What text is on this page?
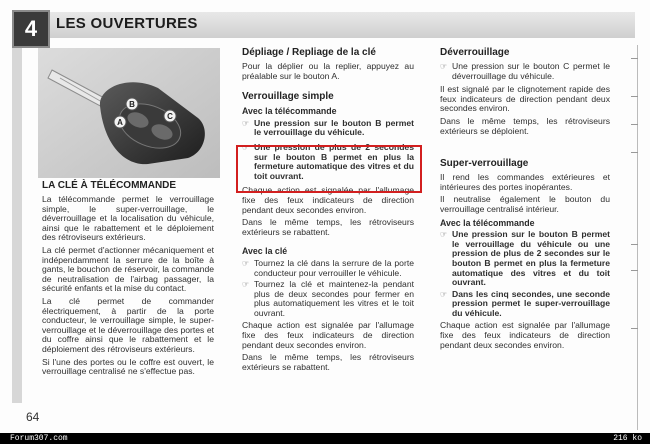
4	LES OUVERTURES
A
B
C
LA CLÉ À TÉLÉCOMMANDE

La télécommande permet le verrouillage simple, le super-verrouillage, le déverrouillage et la localisation du véhicule, ainsi que le rabattement et le déploiement des rétroviseurs extérieurs.

La clé permet d'actionner mécaniquement et indépendamment la serrure de la boîte à gants, le bouchon de réservoir, la commande de neutralisation de l'airbag passager, la sécurité enfants et la mise du contact.

La clé permet de commander électriquement, à partir de la porte conducteur, le verrouillage simple, le super-verrouillage et le déverrouillage des portes et du coffre ainsi que le rabattement et le déploiement des rétroviseurs extérieurs.

Si l'une des portes ou le coffre est ouvert, le verrouillage centralisé ne s'effectue pas.

Dépliage / Repliage de la clé

Pour la déplier ou la replier, appuyez au préalable sur le bouton A.

Verrouillage simple
Avec la télécommande
☞ Une pression sur le bouton B permet le verrouillage du véhicule.
☞ Une pression de plus de 2 secondes sur le bouton B permet en plus la fermeture automatique des vitres et du toit ouvrant.

Chaque action est signalée par l'allumage fixe des feux indicateurs de direction pendant deux secondes environ.

Dans le même temps, les rétroviseurs extérieurs se rabattent.

Avec la clé
☞ Tournez la clé dans la serrure de la porte conducteur pour verrouiller le véhicule.
☞ Tournez la clé et maintenez-la pendant plus de deux secondes pour fermer en plus automatiquement les vitres et le toit ouvrant.

Chaque action est signalée par l'allumage fixe des feux indicateurs de direction pendant deux secondes environ.

Dans le même temps, les rétroviseurs extérieurs se rabattent.

Déverrouillage
☞ Une pression sur le bouton C permet le déverrouillage du véhicule.

Il est signalé par le clignotement rapide des feux indicateurs de direction pendant deux secondes environ.

Dans le même temps, les rétroviseurs extérieurs se déploient.

Super-verrouillage

Il rend les commandes extérieures et intérieures des portes inopérantes.

Il neutralise également le bouton du verrouillage centralisé intérieur.

Avec la télécommande
☞ Une pression sur le bouton B permet le verrouillage du véhicule ou une pression de plus de 2 secondes sur le bouton B permet en plus la fermeture automatique des vitres et du toit ouvrant.
☞ Dans les cinq secondes, une seconde pression permet le super-verrouillage du véhicule.

Chaque action est signalée par l'allumage fixe des feux indicateurs de direction pendant deux secondes environ.

64
Forum307.com	216 ko
